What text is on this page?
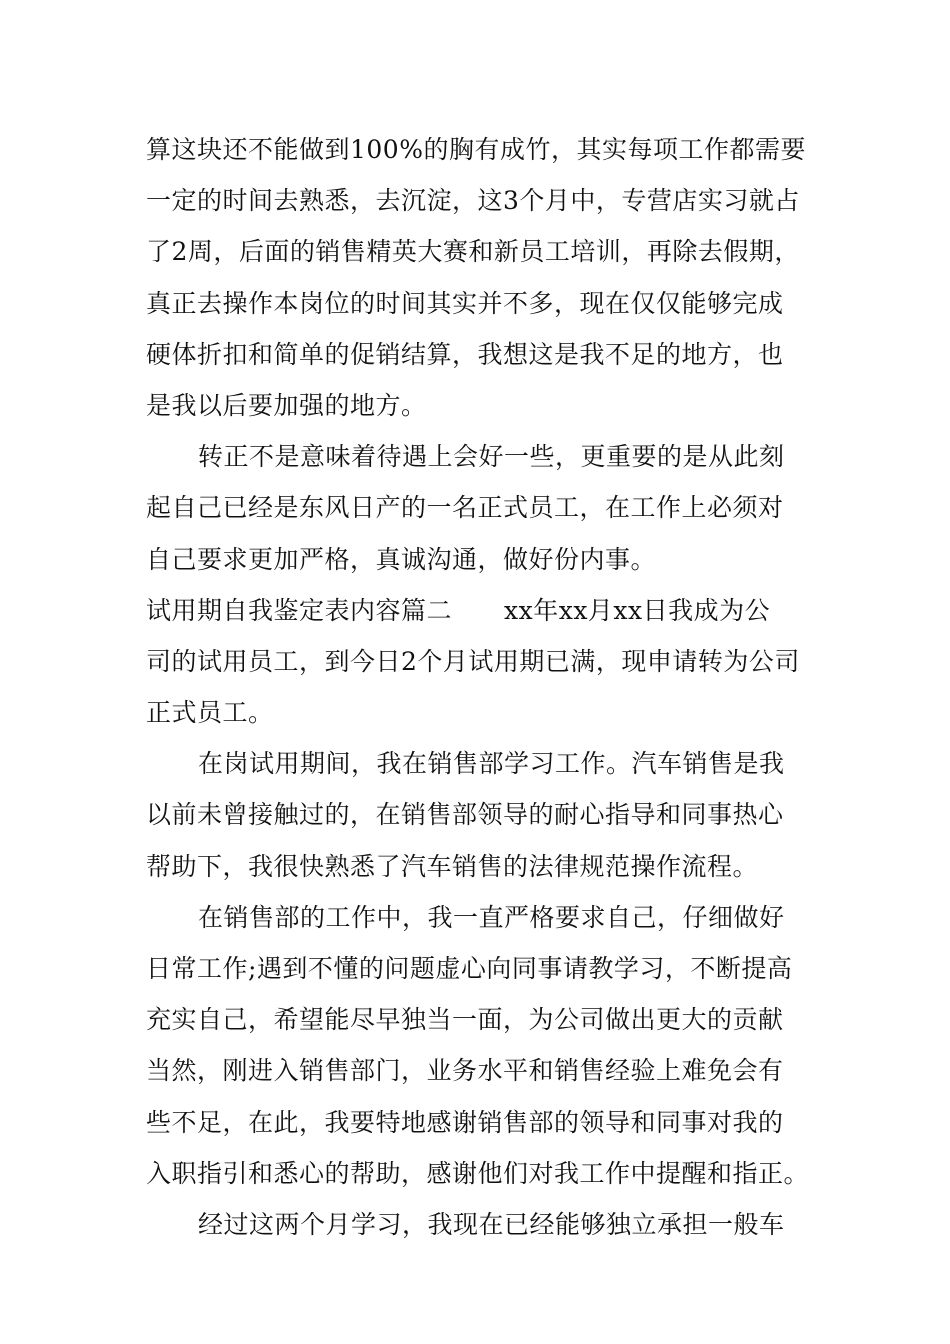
算这块还不能做到100%的胸有成竹，其实每项工作都需要
一定的时间去熟悉，去沉淀，这3个月中，专营店实习就占
了2周，后面的销售精英大赛和新员工培训，再除去假期，
真正去操作本岗位的时间其实并不多，现在仅仅能够完成
硬体折扣和简单的促销结算，我想这是我不足的地方，也
是我以后要加强的地方。
转正不是意味着待遇上会好一些，更重要的是从此刻
起自己已经是东风日产的一名正式员工，在工作上必须对
自己要求更加严格，真诚沟通，做好份内事。
试用期自我鉴定表内容篇二 xx年xx月xx日我成为公
司的试用员工，到今日2个月试用期已满，现申请转为公司
正式员工。
在岗试用期间，我在销售部学习工作。汽车销售是我
以前未曾接触过的，在销售部领导的耐心指导和同事热心
帮助下，我很快熟悉了汽车销售的法律规范操作流程。
在销售部的工作中，我一直严格要求自己，仔细做好
日常工作;遇到不懂的问题虚心向同事请教学习，不断提高
充实自己，希望能尽早独当一面，为公司做出更大的贡献
当然，刚进入销售部门，业务水平和销售经验上难免会有
些不足，在此，我要特地感谢销售部的领导和同事对我的
入职指引和悉心的帮助，感谢他们对我工作中提醒和指正。
经过这两个月学习，我现在已经能够独立承担一般车
